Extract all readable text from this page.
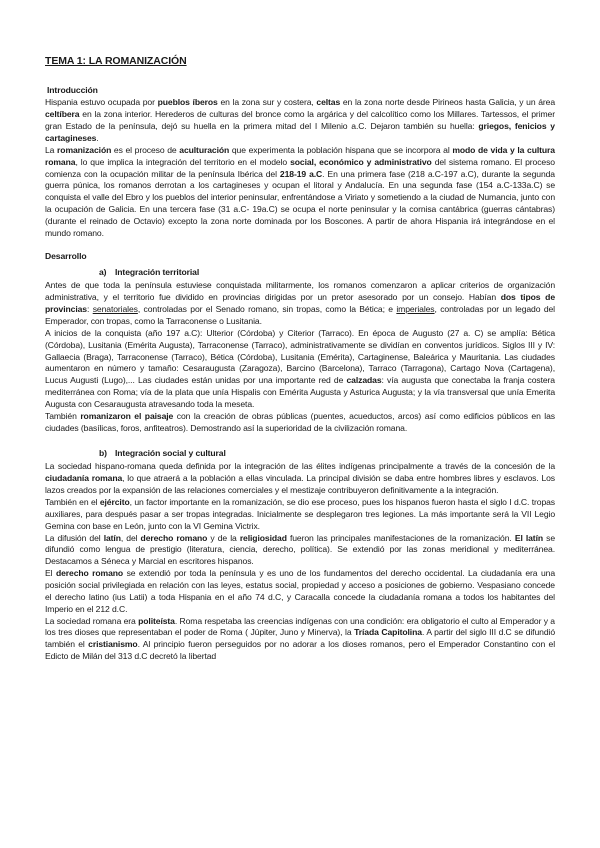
TEMA 1: LA ROMANIZACIÓN
Introducción

Hispania estuvo ocupada por pueblos íberos en la zona sur y costera, celtas en la zona norte desde Pirineos hasta Galicia, y un área celtíbera en la zona interior. Herederos de culturas del bronce como la argárica y del calcolítico como los Millares. Tartessos, el primer gran Estado de la península, dejó su huella en la primera mitad del I Milenio a.C. Dejaron también su huella: griegos, fenicios y cartagineses.

La romanización es el proceso de aculturación que experimenta la población hispana que se incorpora al modo de vida y la cultura romana, lo que implica la integración del territorio en el modelo social, económico y administrativo del sistema romano. El proceso comienza con la ocupación militar de la península Ibérica del 218-19 a.C. En una primera fase (218 a.C-197 a.C), durante la segunda guerra púnica, los romanos derrotan a los cartagineses y ocupan el litoral y Andalucía. En una segunda fase (154 a.C-133a.C) se conquista el valle del Ebro y los pueblos del interior peninsular, enfrentándose a Viriato y sometiendo a la ciudad de Numancia, junto con la ocupación de Galicia. En una tercera fase (31 a.C- 19a.C) se ocupa el norte peninsular y la cornisa cantábrica (guerras cántabras) (durante el reinado de Octavio) excepto la zona norte dominada por los Boscones. A partir de ahora Hispania irá integrándose en el mundo romano.

Desarrollo
a) Integración territorial

Antes de que toda la península estuviese conquistada militarmente, los romanos comenzaron a aplicar criterios de organización administrativa, y el territorio fue dividido en provincias dirigidas por un pretor asesorado por un consejo. Habían dos tipos de provincias: senatoriales, controladas por el Senado romano, sin tropas, como la Bética; e imperiales, controladas por un legado del Emperador, con tropas, como la Tarraconense o Lusitania.

A inicios de la conquista (año 197 a.C): Ulterior (Córdoba) y Citerior (Tarraco). En época de Augusto (27 a. C) se amplía: Bética (Córdoba), Lusitania (Emérita Augusta), Tarraconense (Tarraco), administrativamente se dividían en conventos jurídicos. Siglos III y IV: Gallaecia (Braga), Tarraconense (Tarraco), Bética (Córdoba), Lusitania (Emérita), Cartaginense, Baleárica y Mauritania. Las ciudades aumentaron en número y tamaño: Cesaraugusta (Zaragoza), Barcino (Barcelona), Tarraco (Tarragona), Cartago Nova (Cartagena), Lucus Augusti (Lugo),... Las ciudades están unidas por una importante red de calzadas: vía augusta que conectaba la franja costera mediterránea con Roma; vía de la plata que unía Hispalis con Emérita Augusta y Asturica Augusta; y la vía transversal que unía Emerita Augusta con Cesaraugusta atravesando toda la meseta.

También romanizaron el paisaje con la creación de obras públicas (puentes, acueductos, arcos) así como edificios públicos en las ciudades (basílicas, foros, anfiteatros). Demostrando así la superioridad de la civilización romana.

b) Integración social y cultural

La sociedad hispano-romana queda definida por la integración de las élites indígenas principalmente a través de la concesión de la ciudadanía romana, lo que atraerá a la población a ellas vinculada. La principal división se daba entre hombres libres y esclavos. Los lazos creados por la expansión de las relaciones comerciales y el mestizaje contribuyeron definitivamente a la integración.

También en el ejército, un factor importante en la romanización, se dio ese proceso, pues los hispanos fueron hasta el siglo I d.C. tropas auxiliares, para después pasar a ser tropas integradas. Inicialmente se desplegaron tres legiones. La más importante será la VII Legio Gemina con base en León, junto con la VI Gemina Victrix.

La difusión del latín, del derecho romano y de la religiosidad fueron las principales manifestaciones de la romanización. El latín se difundió como lengua de prestigio (literatura, ciencia, derecho, política). Se extendió por las zonas meridional y mediterránea. Destacamos a Séneca y Marcial en escritores hispanos.

El derecho romano se extendió por toda la península y es uno de los fundamentos del derecho occidental. La ciudadanía era una posición social privilegiada en relación con las leyes, estatus social, propiedad y acceso a posiciones de gobierno. Vespasiano concede el derecho latino (ius Latii) a toda Hispania en el año 74 d.C, y Caracalla concede la ciudadanía romana a todos los habitantes del Imperio en el 212 d.C.

La sociedad romana era politeísta. Roma respetaba las creencias indígenas con una condición: era obligatorio el culto al Emperador y a los tres dioses que representaban el poder de Roma ( Júpiter, Juno y Minerva), la Tríada Capitolina. A partir del siglo III d.C se difundió también el cristianismo. Al principio fueron perseguidos por no adorar a los dioses romanos, pero el Emperador Constantino con el Edicto de Milán del 313 d.C decretó la libertad
